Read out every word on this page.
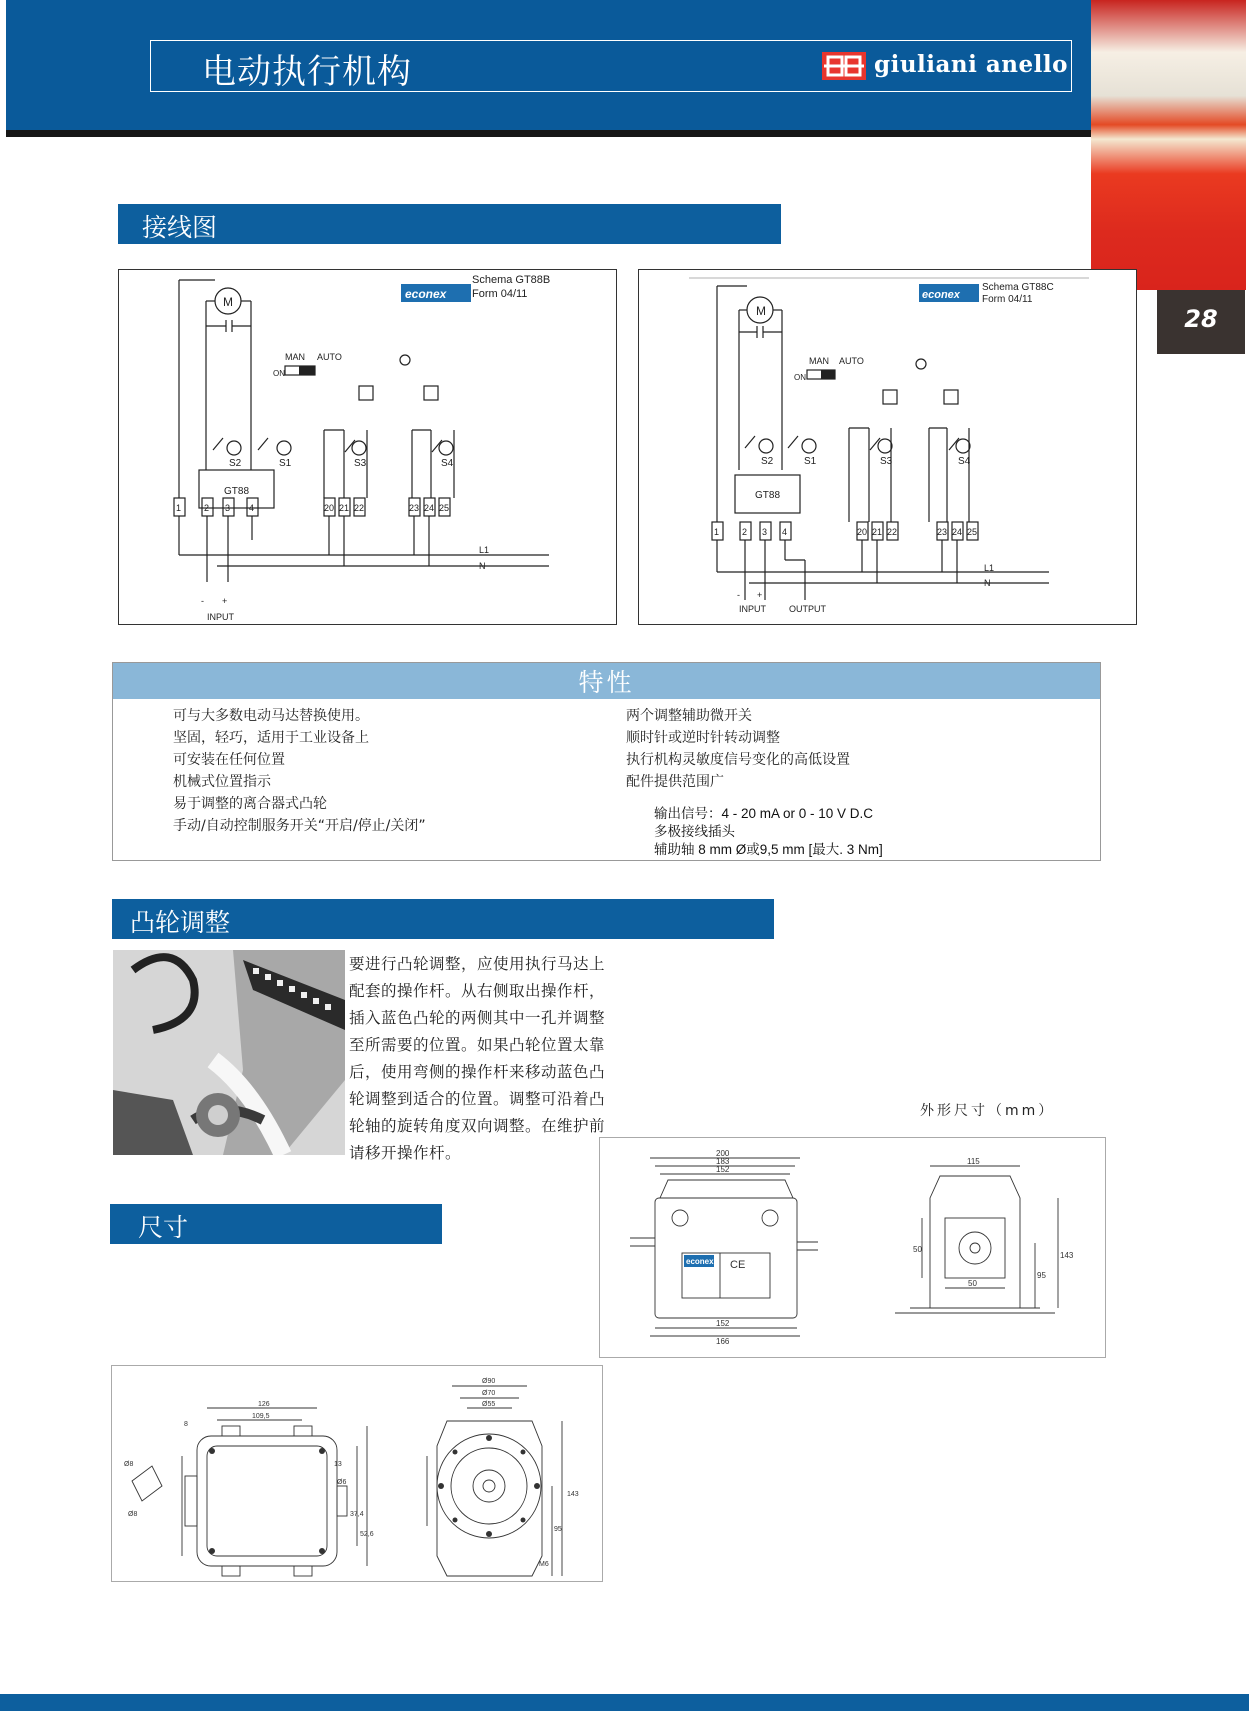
电动执行机构	giuliani anello
28
接线图
econex
Schema GT88B
Form 04/11
M
MAN AUTO
ON
S2	S1	S3	S4
GT88
1	2 3 4	20 21 22	23 24 25
L1
N
- +
INPUT
econex
Schema GT88C
Form 04/11
M
MAN AUTO
ON
S2	S1	S3	S4
GT88
1	2 3 4	20 21 22	23 24 25
L1
N
- +
INPUT	OUTPUT
特性
可与大多数电动马达替换使用。
坚固，轻巧，适用于工业设备上
可安装在任何位置
机械式位置指示
易于调整的离合器式凸轮
手动/自动控制服务开关“开启/停止/关闭”
两个调整辅助微开关
顺时针或逆时针转动调整
执行机构灵敏度信号变化的高低设置
配件提供范围广
输出信号：4 - 20 mA or 0 - 10 V D.C
多极接线插头
辅助轴 8 mm Ø或9,5 mm [最大. 3 Nm]
凸轮调整
要进行凸轮调整，应使用执行马达上
配套的操作杆。从右侧取出操作杆，
插入蓝色凸轮的两侧其中一孔并调整
至所需要的位置。如果凸轮位置太靠
后，使用弯侧的操作杆来移动蓝色凸
轮调整到适合的位置。调整可沿着凸
轮轴的旋转角度双向调整。在维护前
请移开操作杆。
尺寸
外形尺寸（mm）
200
183
152
152
166
econex CE
115
50
50
95
143
126
109,5
8
37,4
52,6
13
Ø6
Ø8
Ø8
Ø90
Ø70
Ø55
M6
95
143
